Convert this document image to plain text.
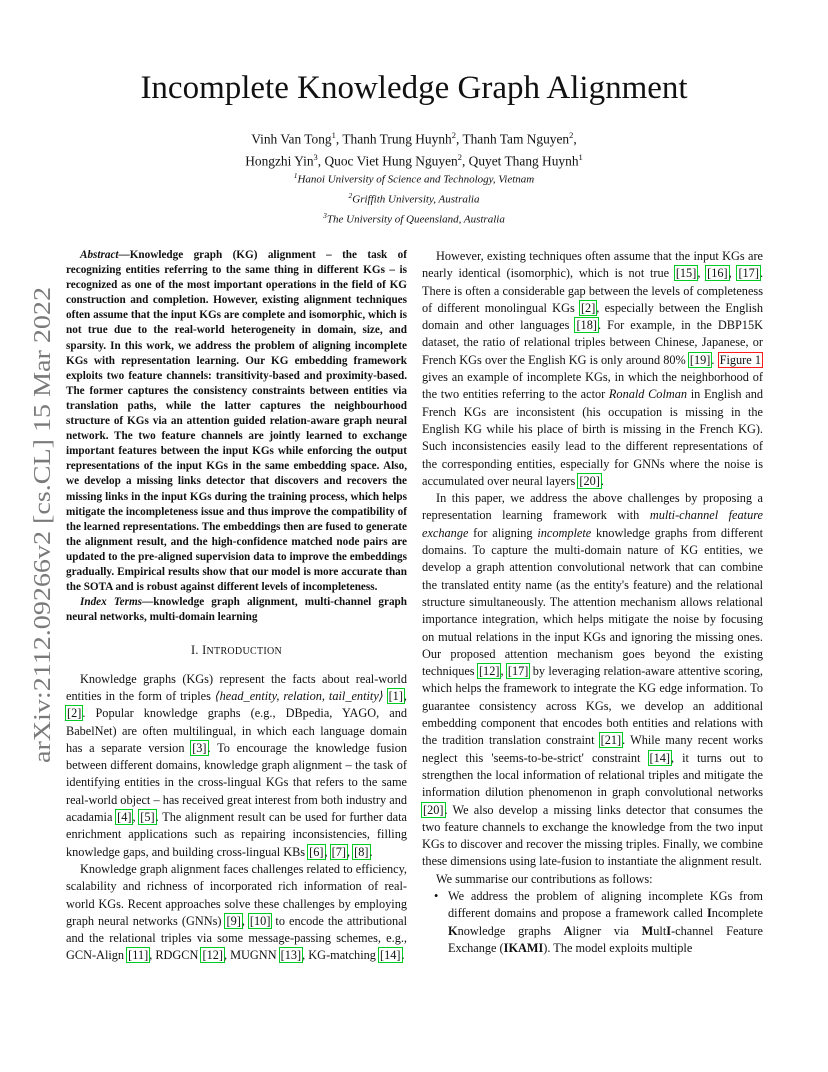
arXiv:2112.09266v2 [cs.CL] 15 Mar 2022
Incomplete Knowledge Graph Alignment
Vinh Van Tong$^1$, Thanh Trung Huynh$^2$, Thanh Tam Nguyen$^2$,
Hongzhi Yin$^3$, Quoc Viet Hung Nguyen$^2$, Quyet Thang Huynh$^1$
$^1$Hanoi University of Science and Technology, Vietnam
$^2$Griffith University, Australia
$^3$The University of Queensland, Australia

Abstract—Knowledge graph (KG) alignment – the task of recognizing entities referring to the same thing in different KGs – is recognized as one of the most important operations in the field of KG construction and completion. However, existing alignment techniques often assume that the input KGs are complete and isomorphic, which is not true due to the real-world heterogeneity in domain, size, and sparsity. In this work, we address the problem of aligning incomplete KGs with representation learning. Our KG embedding framework exploits two feature channels: transitivity-based and proximity-based. The former captures the consistency constraints between entities via translation paths, while the latter captures the neighbourhood structure of KGs via an attention guided relation-aware graph neural network. The two feature channels are jointly learned to exchange important features between the input KGs while enforcing the output representations of the input KGs in the same embedding space. Also, we develop a missing links detector that discovers and recovers the missing links in the input KGs during the training process, which helps mitigate the incompleteness issue and thus improve the compatibility of the learned representations. The embeddings then are fused to generate the alignment result, and the high-confidence matched node pairs are updated to the pre-aligned supervision data to improve the embeddings gradually. Empirical results show that our model is more accurate than the SOTA and is robust against different levels of incompleteness.

Index Terms—knowledge graph alignment, multi-channel graph neural networks, multi-domain learning

I. INTRODUCTION

Knowledge graphs (KGs) represent the facts about real-world entities in the form of triples ⟨head_entity, relation, tail_entity⟩ [1], [2]. Popular knowledge graphs (e.g., DBpedia, YAGO, and BabelNet) are often multilingual, in which each language domain has a separate version [3]. To encourage the knowledge fusion between different domains, knowledge graph alignment – the task of identifying entities in the cross-lingual KGs that refers to the same real-world object – has received great interest from both industry and acadamia [4], [5]. The alignment result can be used for further data enrichment applications such as repairing inconsistencies, filling knowledge gaps, and building cross-lingual KBs [6], [7], [8].

Knowledge graph alignment faces challenges related to efficiency, scalability and richness of incorporated rich information of real-world KGs. Recent approaches solve these challenges by employing graph neural networks (GNNs) [9], [10] to encode the attributional and the relational triples via some message-passing schemes, e.g., GCN-Align [11], RDGCN [12], MUGNN [13], KG-matching [14].

However, existing techniques often assume that the input KGs are nearly identical (isomorphic), which is not true [15], [16], [17]. There is often a considerable gap between the levels of completeness of different monolingual KGs [2], especially between the English domain and other languages [18]. For example, in the DBP15K dataset, the ratio of relational triples between Chinese, Japanese, or French KGs over the English KG is only around 80% [19]. Figure 1 gives an example of incomplete KGs, in which the neighborhood of the two entities referring to the actor Ronald Colman in English and French KGs are inconsistent (his occupation is missing in the English KG while his place of birth is missing in the French KG). Such inconsistencies easily lead to the different representations of the corresponding entities, especially for GNNs where the noise is accumulated over neural layers [20].

In this paper, we address the above challenges by proposing a representation learning framework with multi-channel feature exchange for aligning incomplete knowledge graphs from different domains. To capture the multi-domain nature of KG entities, we develop a graph attention convolutional network that can combine the translated entity name (as the entity's feature) and the relational structure simultaneously. The attention mechanism allows relational importance integration, which helps mitigate the noise by focusing on mutual relations in the input KGs and ignoring the missing ones. Our proposed attention mechanism goes beyond the existing techniques [12], [17] by leveraging relation-aware attentive scoring, which helps the framework to integrate the KG edge information. To guarantee consistency across KGs, we develop an additional embedding component that encodes both entities and relations with the tradition translation constraint [21]. While many recent works neglect this 'seems-to-be-strict' constraint [14], it turns out to strengthen the local information of relational triples and mitigate the information dilution phenomenon in graph convolutional networks [20]. We also develop a missing links detector that consumes the two feature channels to exchange the knowledge from the two input KGs to discover and recover the missing triples. Finally, we combine these dimensions using late-fusion to instantiate the alignment result.

We summarise our contributions as follows:

• We address the problem of aligning incomplete KGs from different domains and propose a framework called Incomplete Knowledge graphs Aligner via MultI-channel Feature Exchange (IKAMI). The model exploits multiple
